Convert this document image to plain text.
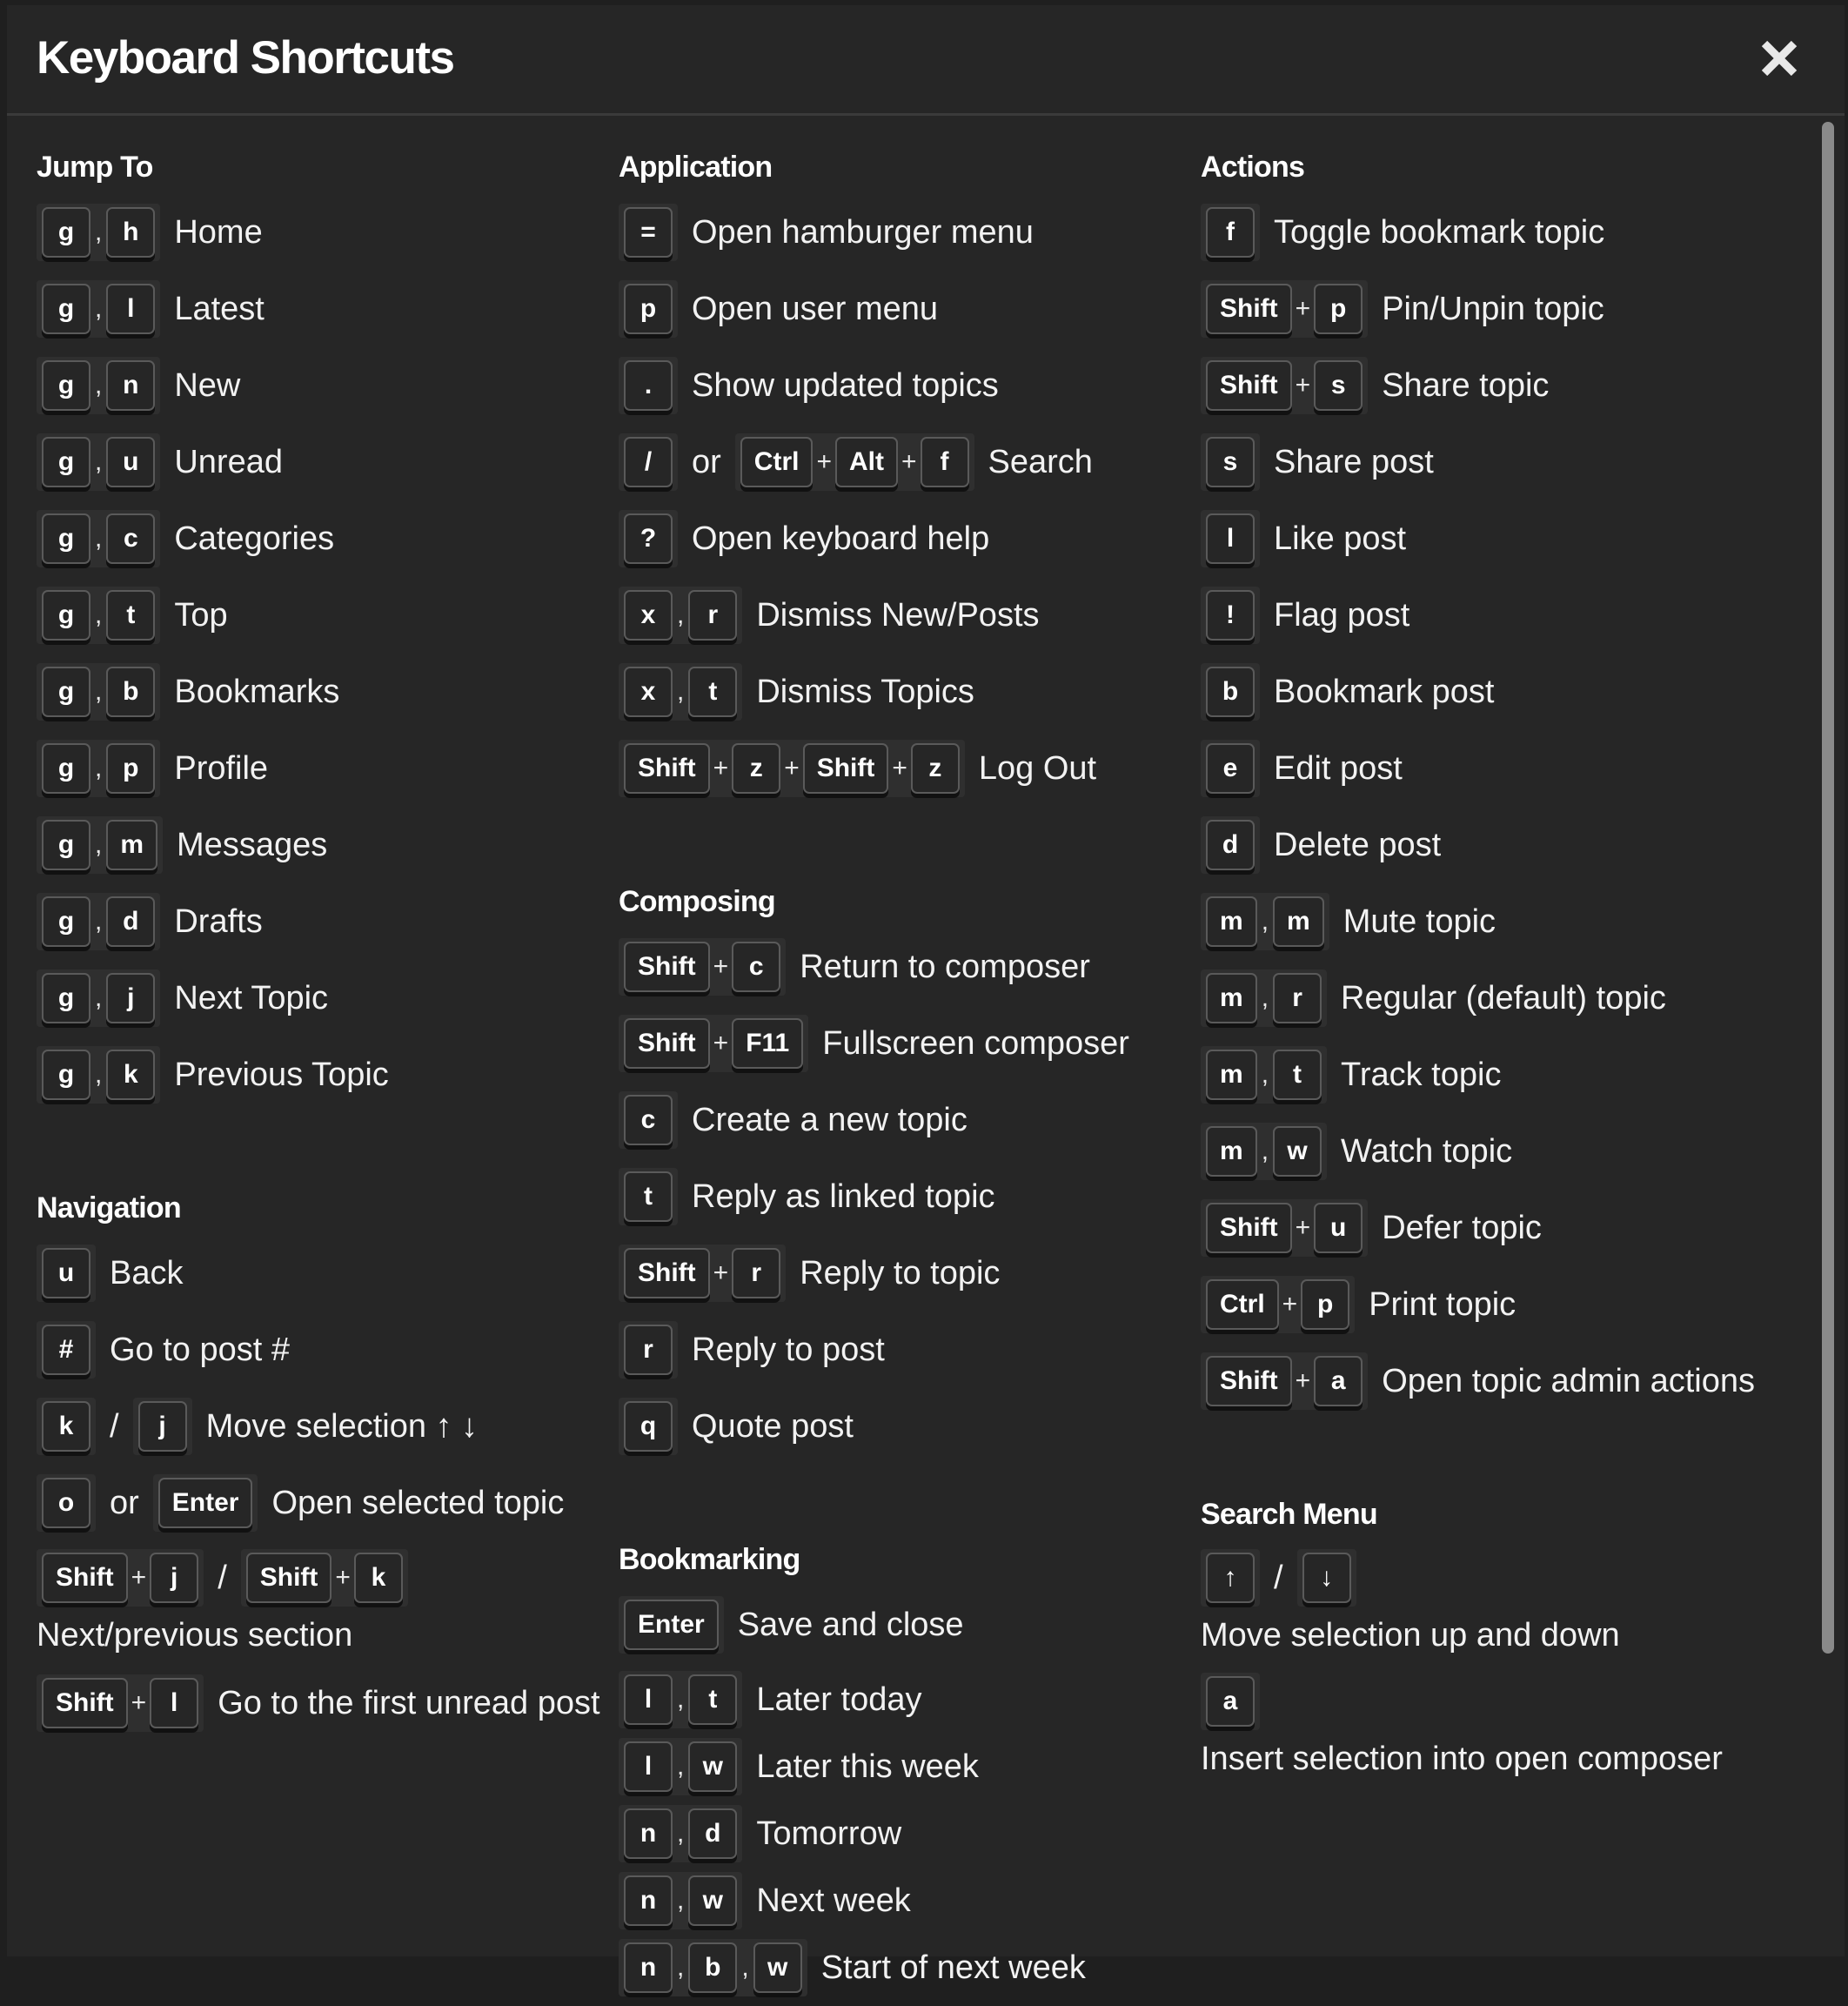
Keyboard Shortcuts
Jump To
g , h	Home
g , l	Latest
g , n	New
g , u	Unread
g , c	Categories
g , t	Top
g , b	Bookmarks
g , p	Profile
g , m	Messages
g , d	Drafts
g , j	Next Topic
g , k	Previous Topic
Navigation
u	Back
#	Go to post #
k	/	j	Move selection ↑ ↓
o	or	Enter	Open selected topic
Shift + j	/	Shift + k
Next/previous section
Shift + l	Go to the first unread post
Application
=	Open hamburger menu
p	Open user menu
.	Show updated topics
/	or	Ctrl + Alt + f	Search
?	Open keyboard help
x , r	Dismiss New/Posts
x , t	Dismiss Topics
Shift + z + Shift + z	Log Out
Composing
Shift + c	Return to composer
Shift + F11	Fullscreen composer
c	Create a new topic
t	Reply as linked topic
Shift + r	Reply to topic
r	Reply to post
q	Quote post
Bookmarking
Enter	Save and close
l , t	Later today
l , w	Later this week
n , d	Tomorrow
n , w	Next week
n , b , w	Start of next week
Actions
f	Toggle bookmark topic
Shift + p	Pin/Unpin topic
Shift + s	Share topic
s	Share post
l	Like post
!	Flag post
b	Bookmark post
e	Edit post
d	Delete post
m , m	Mute topic
m , r	Regular (default) topic
m , t	Track topic
m , w	Watch topic
Shift + u	Defer topic
Ctrl + p	Print topic
Shift + a	Open topic admin actions
Search Menu
↑	/	↓
Move selection up and down
a
Insert selection into open composer
